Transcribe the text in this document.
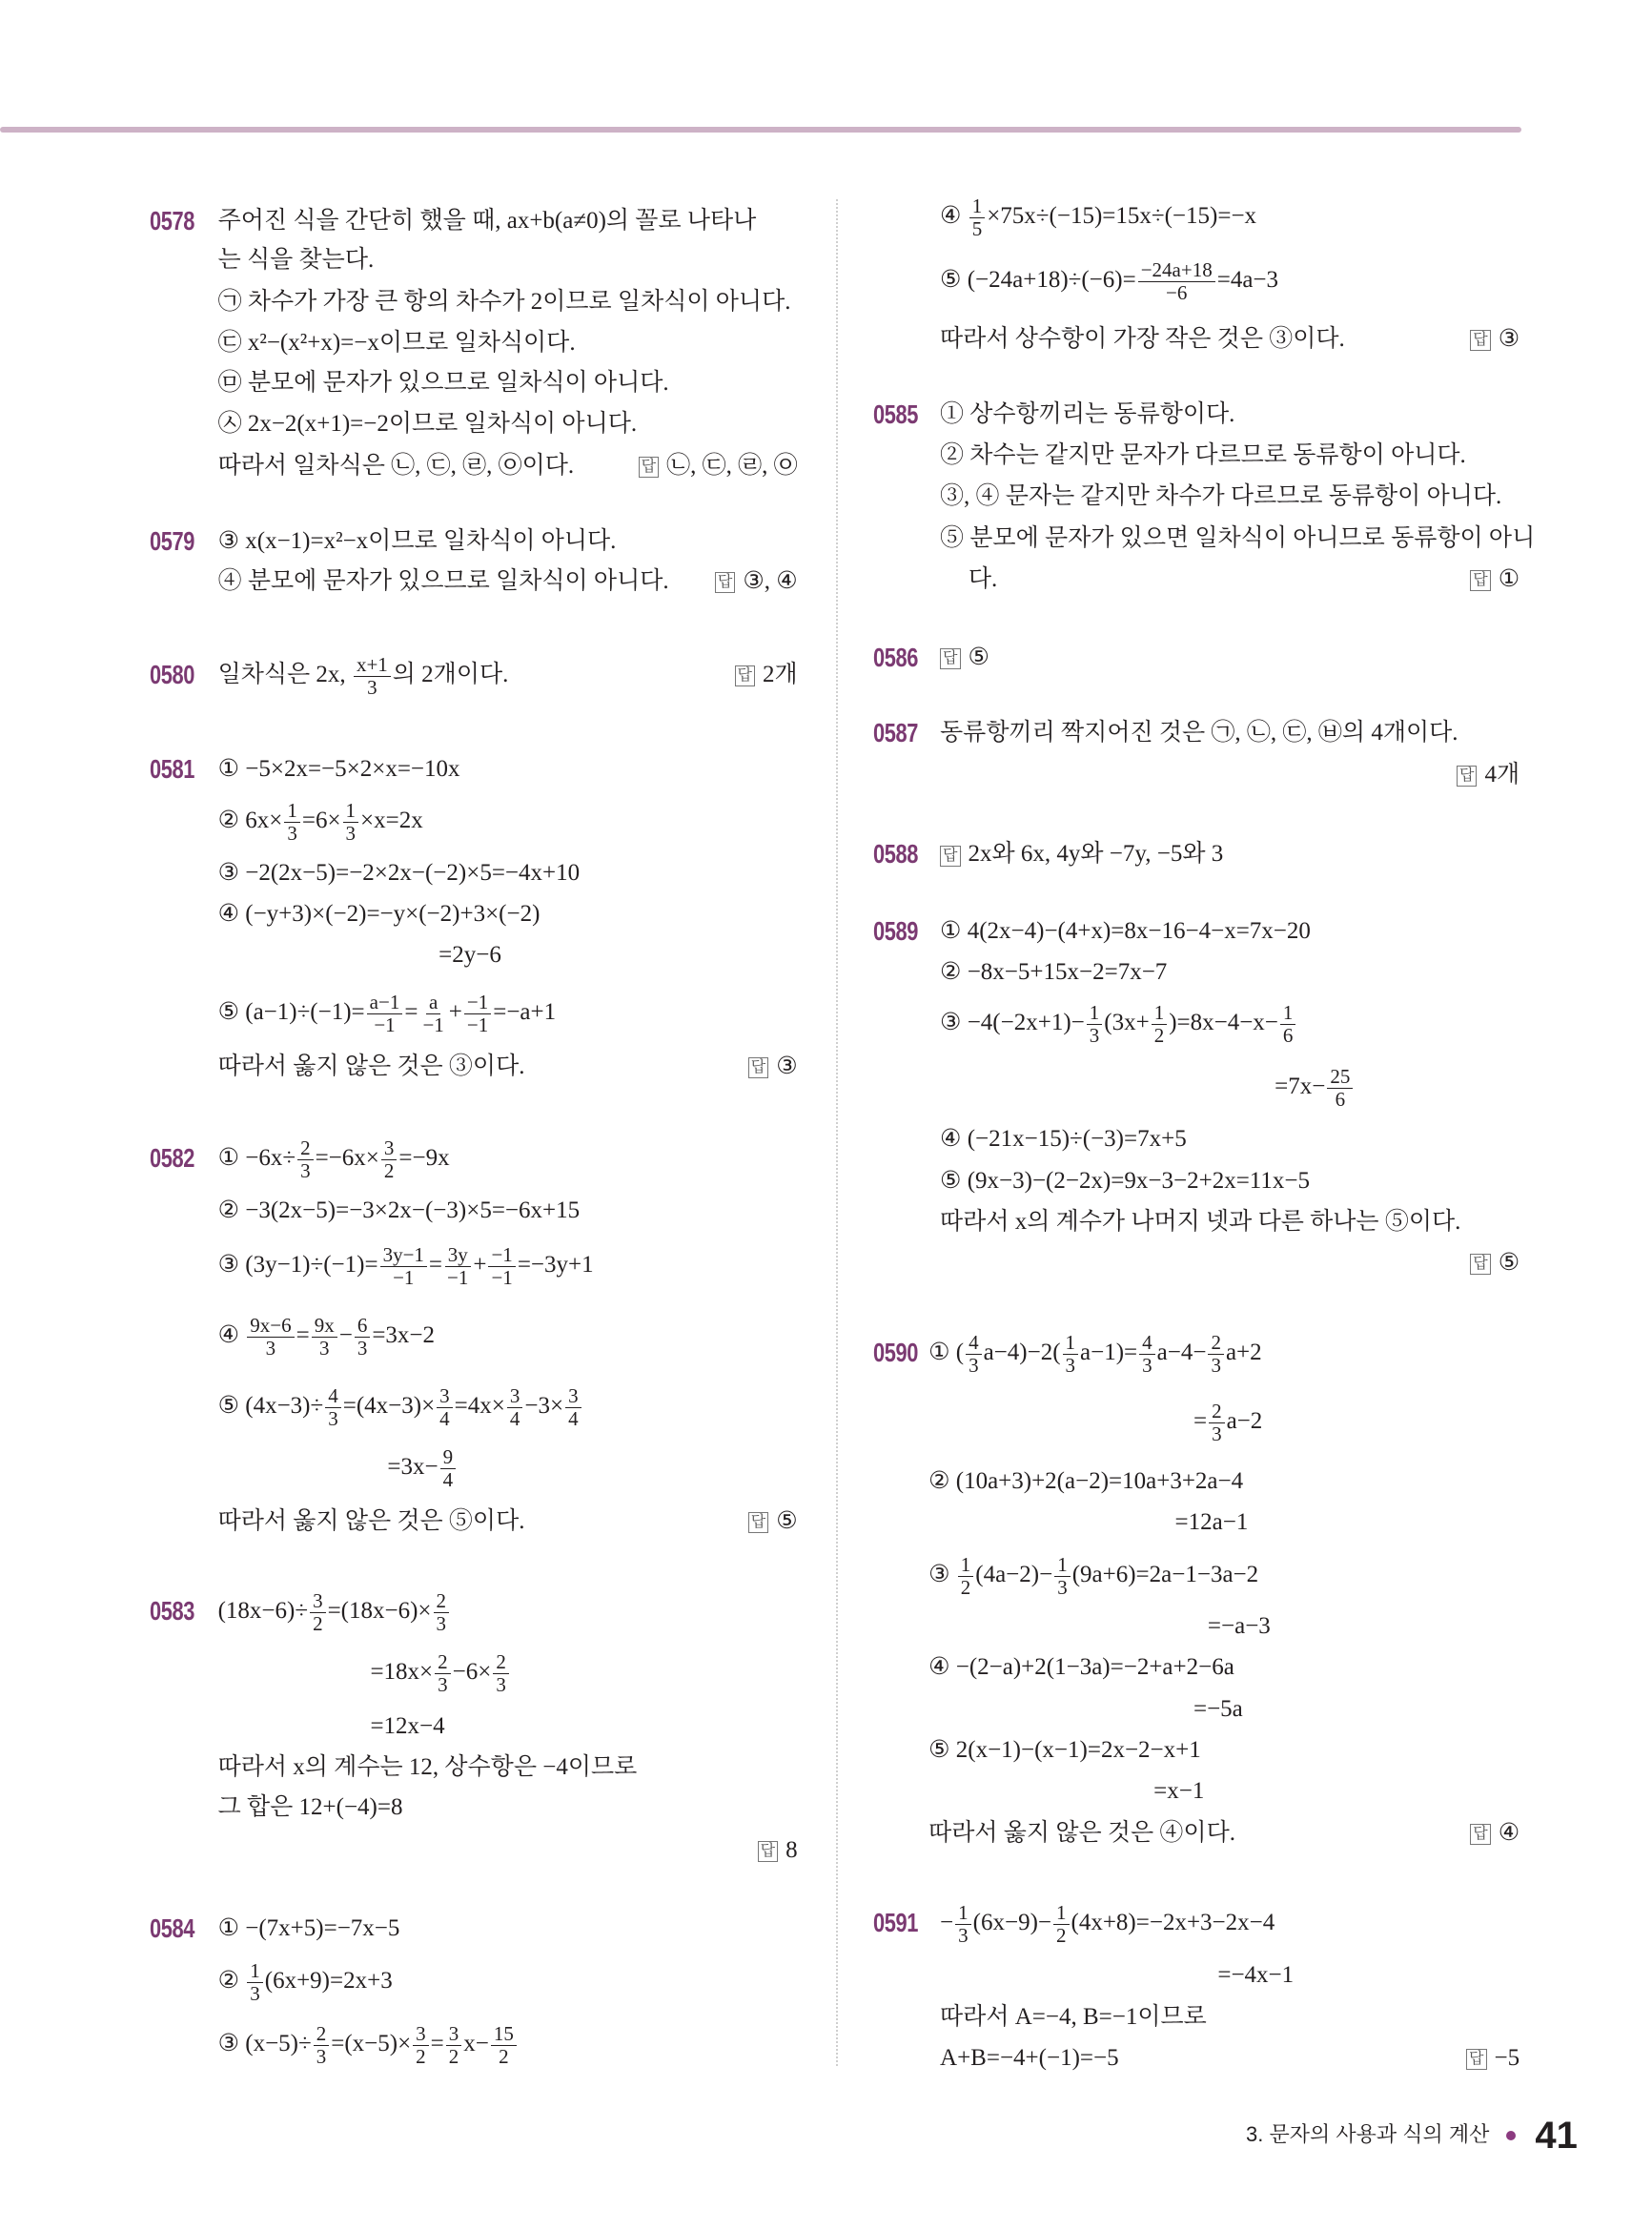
0578 주어진 식을 간단히 했을 때, ax+b(a≠0)의 꼴로 나타나
는 식을 찾는다.
㉠ 차수가 가장 큰 항의 차수가 2이므로 일차식이 아니다.
㉢ x²−(x²+x)=−x이므로 일차식이다.
㉤ 분모에 문자가 있으므로 일차식이 아니다.
㉦ 2x−2(x+1)=−2이므로 일차식이 아니다.
따라서 일차식은 ㉡, ㉢, ㉣, ㉧이다.	답 ㉡, ㉢, ㉣, ㉧
0579 ③ x(x−1)=x²−x이므로 일차식이 아니다.
④ 분모에 문자가 있으므로 일차식이 아니다.	답 ③, ④
0580 일차식은 2x, $\frac{x+1}{3}$ 의 2개이다.	답 2개
0581 ① −5×2x=−5×2×x=−10x
② $6x\times \frac{1}{3} =6\times \frac{1}{3} \times x=2x$
③ −2(2x−5)=−2×2x−(−2)×5=−4x+10
④ (−y+3)×(−2)=−y×(−2)+3×(−2)
=2y−6
⑤ $(a-1)\div(-1)= \frac{a-1}{-1} = \frac{a}{-1} + \frac{-1}{-1} =-a+1$
따라서 옳지 않은 것은 ③이다.	답 ③
0582 ① $-6x\div \frac{2}{3} =-6x\times \frac{3}{2} =-9x$
② −3(2x−5)=−3×2x−(−3)×5=−6x+15
③ $(3y-1)\div(-1)= \frac{3y-1}{-1} = \frac{3y}{-1} + \frac{-1}{-1} =-3y+1$
④ $\frac{9x-6}{3} = \frac{9x}{3} - \frac{6}{3} =3x-2$
⑤ $(4x-3)\div \frac{4}{3} =(4x-3)\times \frac{3}{4} =4x\times \frac{3}{4} -3\times \frac{3}{4}$
$=3x- \frac{9}{4}$
따라서 옳지 않은 것은 ⑤이다.	답 ⑤
0583 $(18x-6)\div \frac{3}{2} =(18x-6)\times \frac{2}{3}$
$=18x\times \frac{2}{3} -6\times \frac{2}{3}$
=12x−4
따라서 x의 계수는 12, 상수항은 −4이므로
그 합은 12+(−4)=8
답 8
0584 ① −(7x+5)=−7x−5
② $\frac{1}{3} (6x+9)=2x+3$
③ $(x-5)\div \frac{2}{3} =(x-5)\times \frac{3}{2} = \frac{3}{2} x- \frac{15}{2}$
④ $\frac{1}{5} \times 75x\div(-15)=15x\div(-15)=-x$
⑤ $(-24a+18)\div(-6)= \frac{-24a+18}{-6} =4a-3$
따라서 상수항이 가장 작은 것은 ③이다.	답 ③
0585 ① 상수항끼리는 동류항이다.
② 차수는 같지만 문자가 다르므로 동류항이 아니다.
③, ④ 문자는 같지만 차수가 다르므로 동류항이 아니다.
⑤ 분모에 문자가 있으면 일차식이 아니므로 동류항이 아니
다.	답 ①
0586 답 ⑤
0587 동류항끼리 짝지어진 것은 ㉠, ㉡, ㉢, ㉥의 4개이다.
답 4개
0588 답 2x와 6x, 4y와 −7y, −5와 3
0589 ① 4(2x−4)−(4+x)=8x−16−4−x=7x−20
② −8x−5+15x−2=7x−7
③ $-4(-2x+1)- \frac{1}{3} (3x+ \frac{1}{2} )=8x-4-x- \frac{1}{6}$
$=7x- \frac{25}{6}$
④ (−21x−15)÷(−3)=7x+5
⑤ (9x−3)−(2−2x)=9x−3−2+2x=11x−5
따라서 x의 계수가 나머지 넷과 다른 하나는 ⑤이다.
답 ⑤
0590 ① ( $\frac{4}{3} a-4)-2( \frac{1}{3} a-1)= \frac{4}{3} a-4- \frac{2}{3} a+2$
= $\frac{2}{3} a-2$
② (10a+3)+2(a−2)=10a+3+2a−4
=12a−1
③ $\frac{1}{2} (4a-2)- \frac{1}{3} (9a+6)=2a-1-3a-2$
=−a−3
④ −(2−a)+2(1−3a)=−2+a+2−6a
=−5a
⑤ 2(x−1)−(x−1)=2x−2−x+1
=x−1
따라서 옳지 않은 것은 ④이다.	답 ④
$0591 - \frac{1}{3} (6x-9)- \frac{1}{2} (4x+8)=-2x+3-2x-4$
=−4x−1
따라서 A=−4, B=−1이므로
A+B=−4+(−1)=−5	답 −5
3. 문자의 사용과 식의 계산 41
